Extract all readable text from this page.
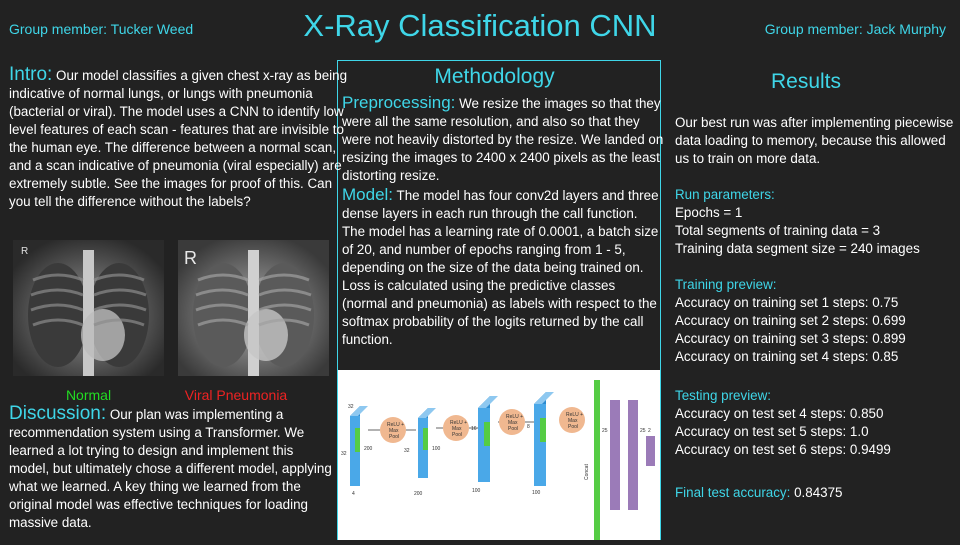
Group member: Tucker Weed	X-Ray Classification CNN	Group member: Jack Murphy
Intro: Our model classifies a given chest x-ray as being indicative of normal lungs, or lungs with pneumonia (bacterial or viral). The model uses a CNN to identify low level features of each scan - features that are invisible to the human eye. The difference between a normal scan, and a scan indicative of pneumonia (viral especially) are extremely subtle. See the images for proof of this. Can you tell the difference without the labels?
R	R
Normal	Viral Pneumonia
Discussion: Our plan was implementing a recommendation system using a Transformer. We learned a lot trying to design and implement this model, but ultimately chose a different model, applying what we learned. A key thing we learned from the original model was effective techniques for loading massive data.
Methodology
Preprocessing: We resize the images so that they were all the same resolution, and also so that they were not heavily distorted by the resize. We landed on resizing the images to 2400 x 2400 pixels as the least distorting resize.
Model: The model has four conv2d layers and three dense layers in each run through the call function. The model has a learning rate of 0.0001, a batch size of 20, and number of epochs ranging from 1 - 5, depending on the size of the data being trained on. Loss is calculated using the predictive classes (normal and pneumonia) as labels with respect to the softmax probability of the logits returned by the call function.
32
32
200
4
ReLU +
Max
Pool
32	100
200
ReLU +
Max
Pool
16
100
ReLU +
Max
Pool 8
100
ReLU +
Max
Pool
Concat
25	25 2
Results
Our best run was after implementing piecewise data loading to memory, because this allowed us to train on more data.

Run parameters:

Epochs = 1

Total segments of training data = 3

Training data segment size = 240 images

Training preview:

Accuracy on training set 1 steps: 0.75

Accuracy on training set 2 steps: 0.699

Accuracy on training set 3 steps: 0.899

Accuracy on training set 4 steps: 0.85

Testing preview:

Accuracy on test set 4 steps: 0.850

Accuracy on test set 5 steps: 1.0

Accuracy on test set 6 steps: 0.9499

Final test accuracy: 0.84375
